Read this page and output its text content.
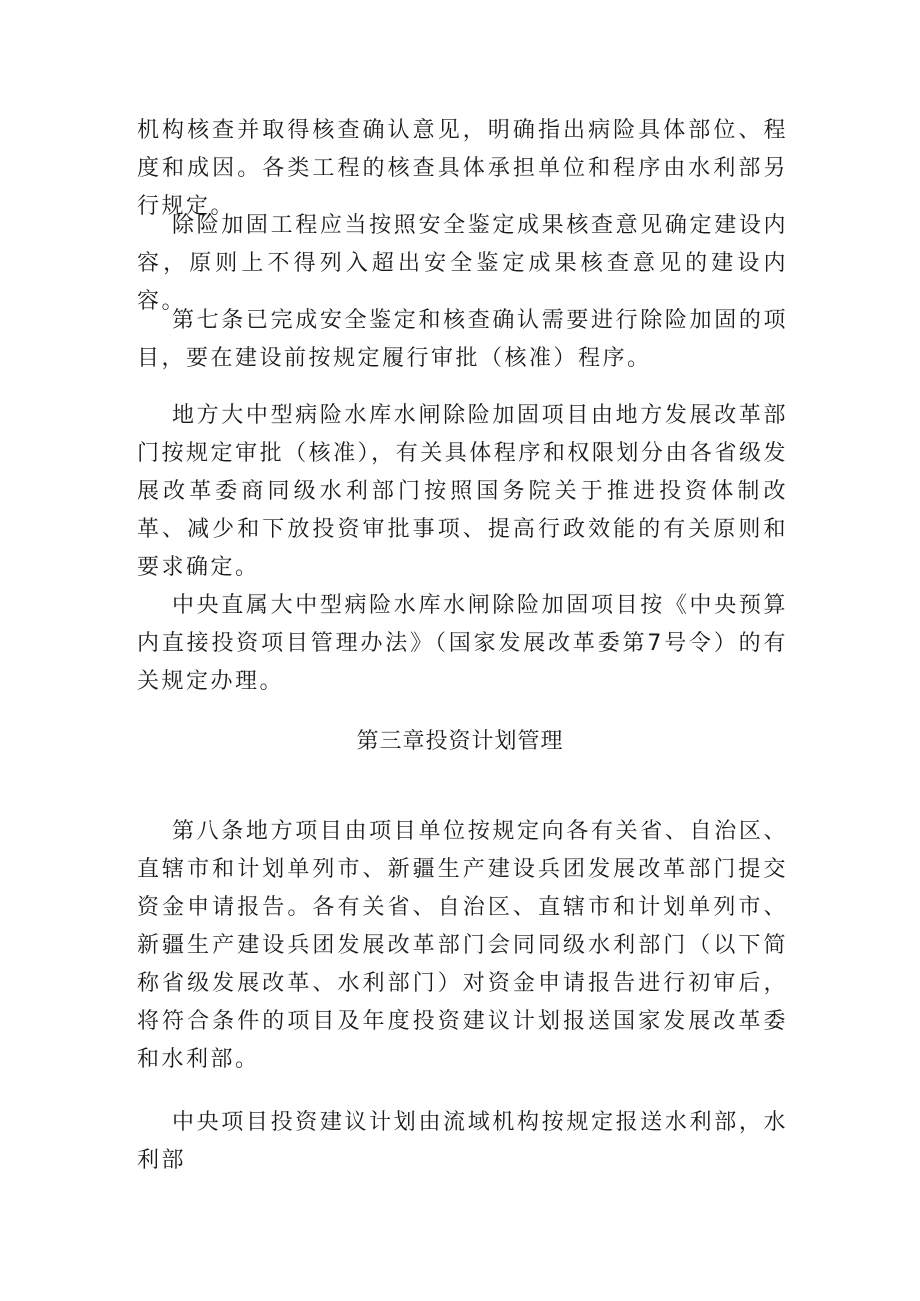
机构核查并取得核查确认意见，明确指出病险具体部位、程度和成因。各类工程的核查具体承担单位和程序由水利部另行规定。

除险加固工程应当按照安全鉴定成果核查意见确定建设内容，原则上不得列入超出安全鉴定成果核查意见的建设内容。

第七条已完成安全鉴定和核查确认需要进行除险加固的项目，要在建设前按规定履行审批（核准）程序。

地方大中型病险水库水闸除险加固项目由地方发展改革部门按规定审批（核准），有关具体程序和权限划分由各省级发展改革委商同级水利部门按照国务院关于推进投资体制改革、减少和下放投资审批事项、提高行政效能的有关原则和要求确定。

中央直属大中型病险水库水闸除险加固项目按《中央预算内直接投资项目管理办法》（国家发展改革委第7号令）的有关规定办理。

第三章投资计划管理

第八条地方项目由项目单位按规定向各有关省、自治区、直辖市和计划单列市、新疆生产建设兵团发展改革部门提交资金申请报告。各有关省、自治区、直辖市和计划单列市、新疆生产建设兵团发展改革部门会同同级水利部门（以下简称省级发展改革、水利部门）对资金申请报告进行初审后，将符合条件的项目及年度投资建议计划报送国家发展改革委和水利部。

中央项目投资建议计划由流域机构按规定报送水利部，水利部
